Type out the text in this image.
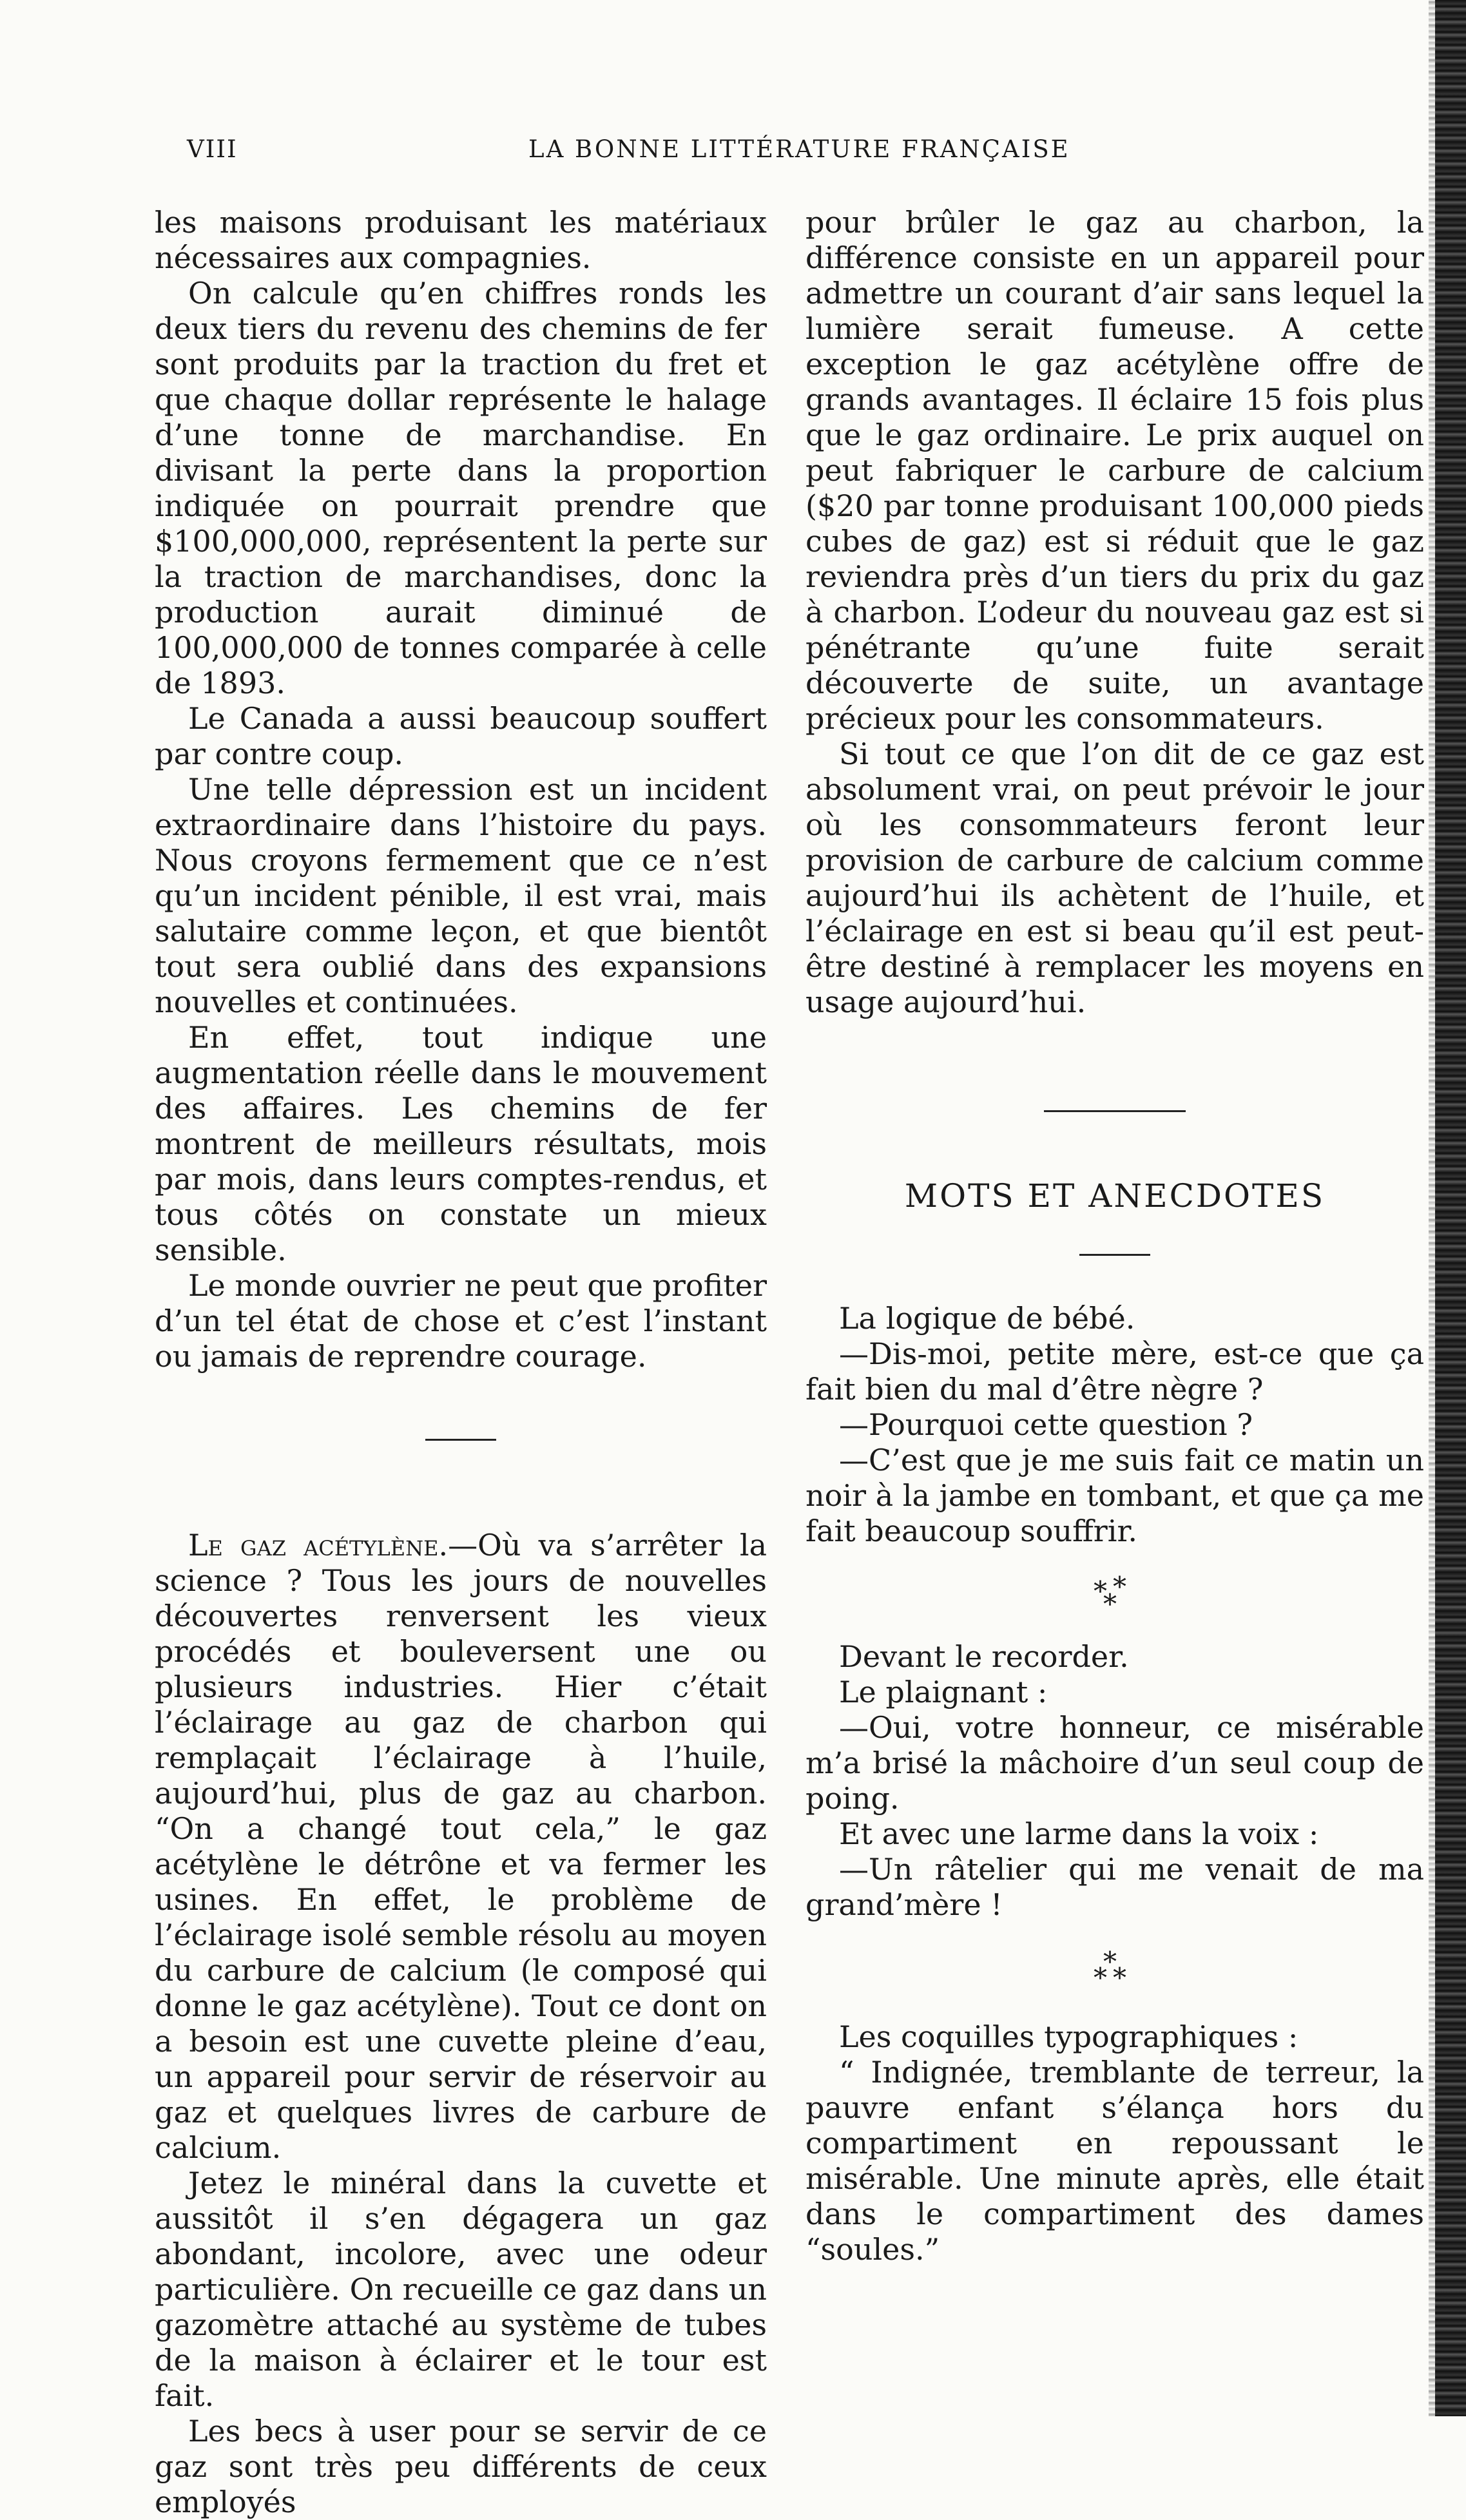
VIII	LA BONNE LITTÉRATURE FRANÇAISE

les maisons produisant les matériaux nécessaires aux compagnies.

On calcule qu’en chiffres ronds les deux tiers du revenu des chemins de fer sont produits par la traction du fret et que chaque dollar représente le halage d’une tonne de marchandise. En divisant la perte dans la proportion indiquée on pourrait prendre que $100,000,000, représentent la perte sur la traction de marchandises, donc la production aurait diminué de 100,000,000 de tonnes comparée à celle de 1893.

Le Canada a aussi beaucoup souffert par contre coup.

Une telle dépression est un incident extraordinaire dans l’histoire du pays. Nous croyons fermement que ce n’est qu’un incident pénible, il est vrai, mais salutaire comme leçon, et que bientôt tout sera oublié dans des expansions nouvelles et continuées.

En effet, tout indique une augmentation réelle dans le mouvement des affaires. Les chemins de fer montrent de meilleurs résultats, mois par mois, dans leurs comptes-rendus, et tous côtés on constate un mieux sensible.

Le monde ouvrier ne peut que profiter d’un tel état de chose et c’est l’instant ou jamais de reprendre courage.

Le gaz acétylène.—Où va s’arrêter la science ? Tous les jours de nouvelles découvertes renversent les vieux procédés et bouleversent une ou plusieurs industries. Hier c’était l’éclairage au gaz de charbon qui remplaçait l’éclairage à l’huile, aujourd’hui, plus de gaz au charbon. “On a changé tout cela,” le gaz acétylène le détrône et va fermer les usines. En effet, le problème de l’éclairage isolé semble résolu au moyen du carbure de calcium (le composé qui donne le gaz acétylène). Tout ce dont on a besoin est une cuvette pleine d’eau, un appareil pour servir de réservoir au gaz et quelques livres de carbure de calcium.

Jetez le minéral dans la cuvette et aussitôt il s’en dégagera un gaz abondant, incolore, avec une odeur particulière. On recueille ce gaz dans un gazomètre attaché au système de tubes de la maison à éclairer et le tour est fait.

Les becs à user pour se servir de ce gaz sont très peu différents de ceux employés

pour brûler le gaz au charbon, la différence consiste en un appareil pour admettre un courant d’air sans lequel la lumière serait fumeuse. A cette exception le gaz acétylène offre de grands avantages. Il éclaire 15 fois plus que le gaz ordinaire. Le prix auquel on peut fabriquer le carbure de calcium ($20 par tonne produisant 100,000 pieds cubes de gaz) est si réduit que le gaz reviendra près d’un tiers du prix du gaz à charbon. L’odeur du nouveau gaz est si pénétrante qu’une fuite serait découverte de suite, un avantage précieux pour les consommateurs.

Si tout ce que l’on dit de ce gaz est absolument vrai, on peut prévoir le jour où les consommateurs feront leur provision de carbure de calcium comme aujourd’hui ils achètent de l’huile, et l’éclairage en est si beau qu’il est peut-être destiné à remplacer les moyens en usage aujourd’hui.

MOTS ET ANECDOTES

La logique de bébé.

—Dis-moi, petite mère, est-ce que ça fait bien du mal d’être nègre ?

—Pourquoi cette question ?

—C’est que je me suis fait ce matin un noir à la jambe en tombant, et que ça me fait beaucoup souffrir.

* *
*

Devant le recorder.

Le plaignant :

—Oui, votre honneur, ce misérable m’a brisé la mâchoire d’un seul coup de poing.

Et avec une larme dans la voix :

—Un râtelier qui me venait de ma grand’mère !

*
* *

Les coquilles typographiques :

“ Indignée, tremblante de terreur, la pauvre enfant s’élança hors du compartiment en repoussant le misérable. Une minute après, elle était dans le compartiment des dames “soules.”
